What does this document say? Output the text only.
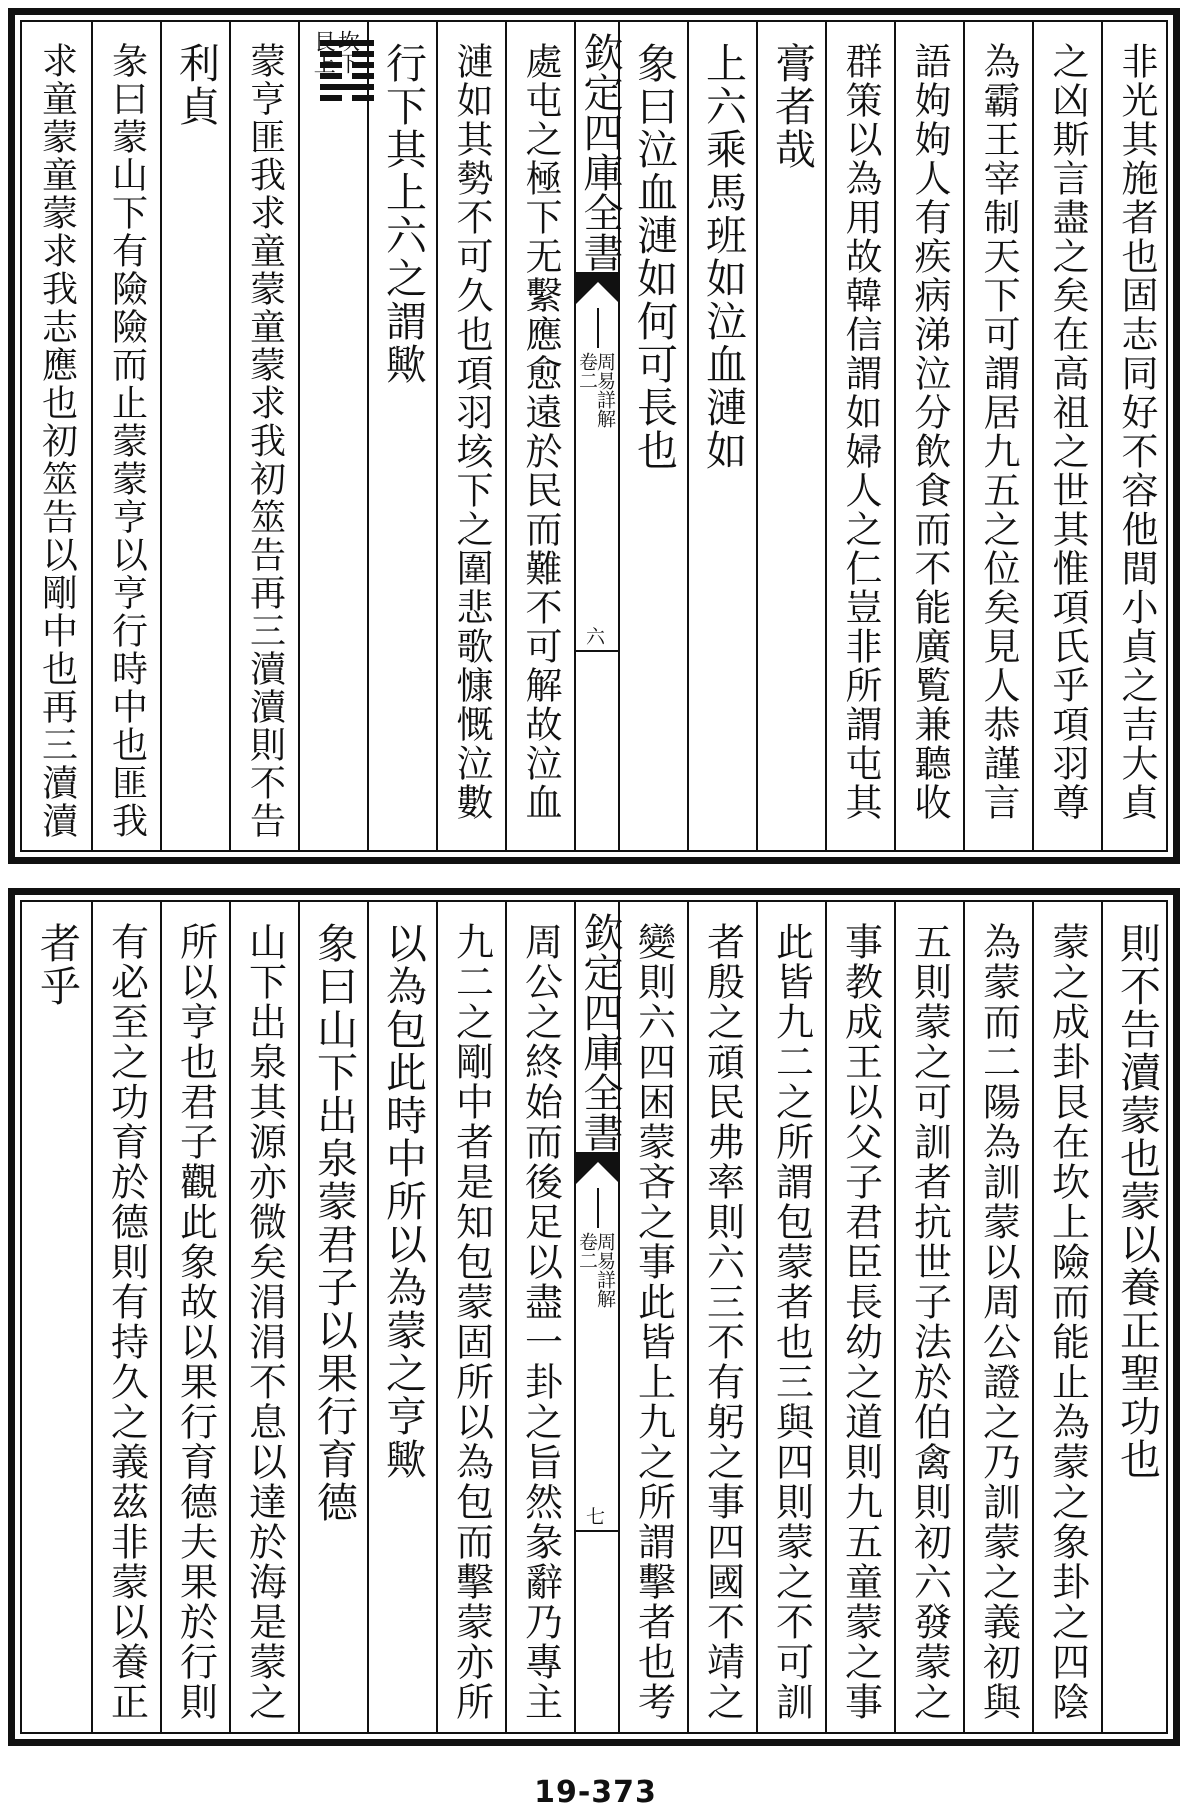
非光其施者也固志同好不容他間小貞之吉大貞
之凶斯言盡之矣在高祖之世其惟項氏乎項羽尊
為霸王宰制天下可謂居九五之位矣見人恭謹言
語姁姁人有疾病涕泣分飲食而不能廣覧兼聽收
群策以為用故韓信謂如婦人之仁豈非所謂屯其
膏者哉
上六乘馬班如泣血漣如
象曰泣血漣如何可長也
欽定四庫全書
周易詳解
卷二
六
處屯之極下无繫應愈遠於民而難不可解故泣血
漣如其勢不可久也項羽垓下之圍悲歌慷慨泣數
行下其上六之謂歟
坎下
艮上
蒙亨匪我求童蒙童蒙求我初筮告再三瀆瀆則不告
利貞
彖曰蒙山下有險險而止蒙蒙亨以亨行時中也匪我
求童蒙童蒙求我志應也初筮告以剛中也再三瀆瀆
則不告瀆蒙也蒙以養正聖功也
蒙之成卦艮在坎上險而能止為蒙之象卦之四陰
為蒙而二陽為訓蒙以周公證之乃訓蒙之義初與
五則蒙之可訓者抗世子法於伯禽則初六發蒙之
事教成王以父子君臣長幼之道則九五童蒙之事
此皆九二之所謂包蒙者也三與四則蒙之不可訓
者殷之頑民弗率則六三不有躬之事四國不靖之
變則六四困蒙吝之事此皆上九之所謂擊者也考
欽定四庫全書
周易詳解
卷二
七
周公之終始而後足以盡一卦之旨然彖辭乃專主
九二之剛中者是知包蒙固所以為包而擊蒙亦所
以為包此時中所以為蒙之亨歟
象曰山下出泉蒙君子以果行育德
山下出泉其源亦微矣涓涓不息以達於海是蒙之
所以亨也君子觀此象故以果行育德夫果於行則
有必至之功育於德則有持久之義茲非蒙以養正
者乎
19-373
